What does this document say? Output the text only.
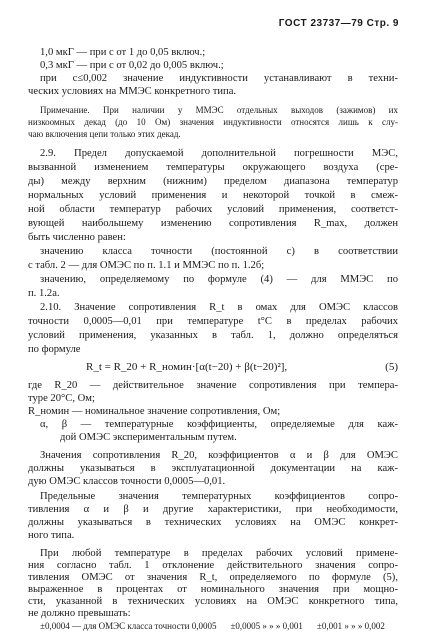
ГОСТ 23737—79 Стр. 9
1,0 мкГ — при c от 1 до 0,05 включ.;
0,3 мкГ — при c от 0,02 до 0,005 включ.;
при c≤0,002 значение индуктивности устанавливают в техни-
ческих условиях на ММЭС конкретного типа.
Примечание. При наличии у ММЭС отдельных выходов (зажимов) их
низкоомных декад (до 10 Ом) значения индуктивности относятся лишь к слу-
чаю включения цепи только этих декад.
2.9. Предел допускаемой дополнительной погрешности МЭС,
вызванной изменением температуры окружающего воздуха (сре-
ды) между верхним (нижним) пределом диапазона температур
нормальных условий применения и некоторой точкой в смеж-
ной области температур рабочих условий применения, соответст-
вующей наибольшему изменению сопротивления R_max, должен
быть численно равен:
значению класса точности (постоянной c) в соответствии
с табл. 2 — для ОМЭС по п. 1.1 и ММЭС по п. 1.2б;
значению, определяемому по формуле (4) — для ММЭС по
п. 1.2а.
2.10. Значение сопротивления R_t в омах для ОМЭС классов
точности 0,0005—0,01 при температуре t°C в пределах рабочих
условий применения, указанных в табл. 1, должно определяться
по формуле
R_t = R_20 + R_номин·[α(t−20) + β(t−20)²],	(5)
где R_20 — действительное значение сопротивления при темпера-
туре 20°С, Ом;
R_номин — номинальное значение сопротивления, Ом;
α, β — температурные коэффициенты, определяемые для каж-
дой ОМЭС экспериментальным путем.
Значения сопротивления R_20, коэффициентов α и β для ОМЭС
должны указываться в эксплуатационной документации на каж-
дую ОМЭС классов точности 0,0005—0,01.
Предельные значения температурных коэффициентов сопро-
тивления α и β и другие характеристики, при необходимости,
должны указываться в технических условиях на ОМЭС конкрет-
ного типа.
При любой температуре в пределах рабочих условий примене-
ния согласно табл. 1 отклонение действительного значения сопро-
тивления ОМЭС от значения R_t, определяемого по формуле (5),
выраженное в процентах от номинального значения при мощно-
сти, указанной в технических условиях на ОМЭС конкретного типа,
не должно превышать:
±0,0004 — для ОМЭС класса точности 0,0005 ±0,0005 » » » 0,001 ±0,001 » » » 0,002
